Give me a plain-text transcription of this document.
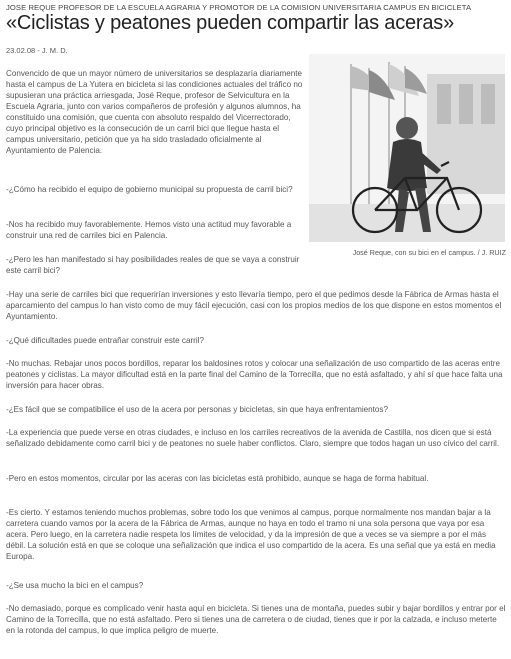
JOSE REQUE PROFESOR DE LA ESCUELA AGRARIA Y PROMOTOR DE LA COMISION UNIVERSITARIA CAMPUS EN BICICLETA
«Ciclistas y peatones pueden compartir las aceras»
23.02.08 - J. M. D.
José Reque, con su bici en el campus. / J. RUIZ

Convencido de que un mayor número de universitarios se desplazaría diariamente hasta el campus de La Yutera en bicicleta si las condiciones actuales del tráfico no supusieran una práctica arriesgada, José Reque, profesor de Selvicultura en la Escuela Agraria, junto con varios compañeros de profesión y algunos alumnos, ha constituido una comisión, que cuenta con absoluto respaldo del Vicerrectorado, cuyo principal objetivo es la consecución de un carril bici que llegue hasta el campus universitario, petición que ya ha sido trasladado oficialmente al Ayuntamiento de Palencia.

-¿Cómo ha recibido el equipo de gobierno municipal su propuesta de carril bici?

-Nos ha recibido muy favorablemente. Hemos visto una actitud muy favorable a construir una red de carriles bici en Palencia.

-¿Pero les han manifestado si hay posibilidades reales de que se vaya a construir este carril bici?

-Hay una serie de carriles bici que requerirían inversiones y esto llevaría tiempo, pero el que pedimos desde la Fábrica de Armas hasta el aparcamiento del campus lo han visto como de muy fácil ejecución, casi con los propios medios de los que dispone en estos momentos el Ayuntamiento.

-¿Qué dificultades puede entrañar construir este carril?

-No muchas. Rebajar unos pocos bordillos, reparar los baldosines rotos y colocar una señalización de uso compartido de las aceras entre peatones y ciclistas. La mayor dificultad está en la parte final del Camino de la Torrecilla, que no está asfaltado, y ahí sí que hace falta una inversión para hacer obras.

-¿Es fácil que se compatibilice el uso de la acera por personas y bicicletas, sin que haya enfrentamientos?

-La experiencia que puede verse en otras ciudades, e incluso en los carriles recreativos de la avenida de Castilla, nos dicen que si está señalizado debidamente como carril bici y de peatones no suele haber conflictos. Claro, siempre que todos hagan un uso cívico del carril.

-Pero en estos momentos, circular por las aceras con las bicicletas está prohibido, aunque se haga de forma habitual.

-Es cierto. Y estamos teniendo muchos problemas, sobre todo los que venimos al campus, porque normalmente nos mandan bajar a la carretera cuando vamos por la acera de la Fábrica de Armas, aunque no haya en todo el tramo ni una sola persona que vaya por esa acera. Pero luego, en la carretera nadie respeta los límites de velocidad, y da la impresión de que a veces se va siempre a por el más débil. La solución está en que se coloque una señalización que indica el uso compartido de la acera. Es una señal que ya está en media Europa.

-¿Se usa mucho la bici en el campus?

-No demasiado, porque es complicado venir hasta aquí en bicicleta. Si tienes una de montaña, puedes subir y bajar bordillos y entrar por el Camino de la Torrecilla, que no está asfaltado. Pero si tienes una de carretera o de ciudad, tienes que ir por la calzada, e incluso meterte en la rotonda del campus, lo que implica peligro de muerte.
